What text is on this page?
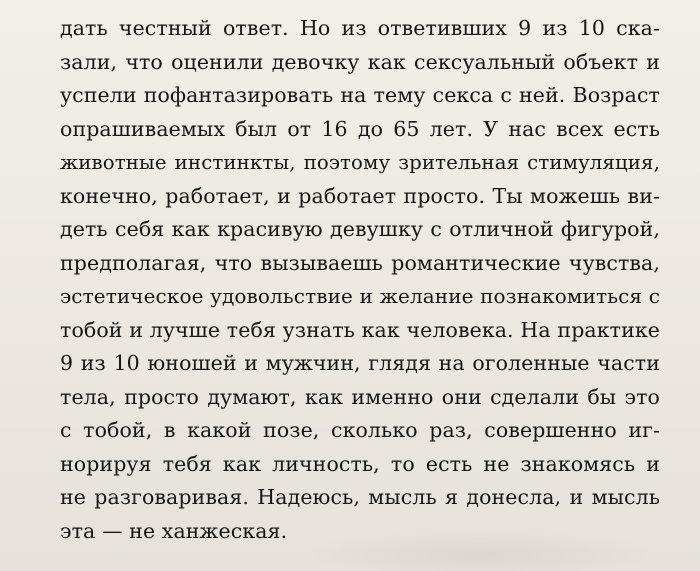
дать честный ответ. Но из ответивших 9 из 10 ска-
зали, что оценили девочку как сексуальный объект и
успели пофантазировать на тему секса с ней. Возраст
опрашиваемых был от 16 до 65 лет. У нас всех есть
животные инстинкты, поэтому зрительная стимуляция,
конечно, работает, и работает просто. Ты можешь ви-
деть себя как красивую девушку с отличной фигурой,
предполагая, что вызываешь романтические чувства,
эстетическое удовольствие и желание познакомиться с
тобой и лучше тебя узнать как человека. На практике
9 из 10 юношей и мужчин, глядя на оголенные части
тела, просто думают, как именно они сделали бы это
с тобой, в какой позе, сколько раз, совершенно иг-
норируя тебя как личность, то есть не знакомясь и
не разговаривая. Надеюсь, мысль я донесла, и мысль
эта — не ханжеская.
